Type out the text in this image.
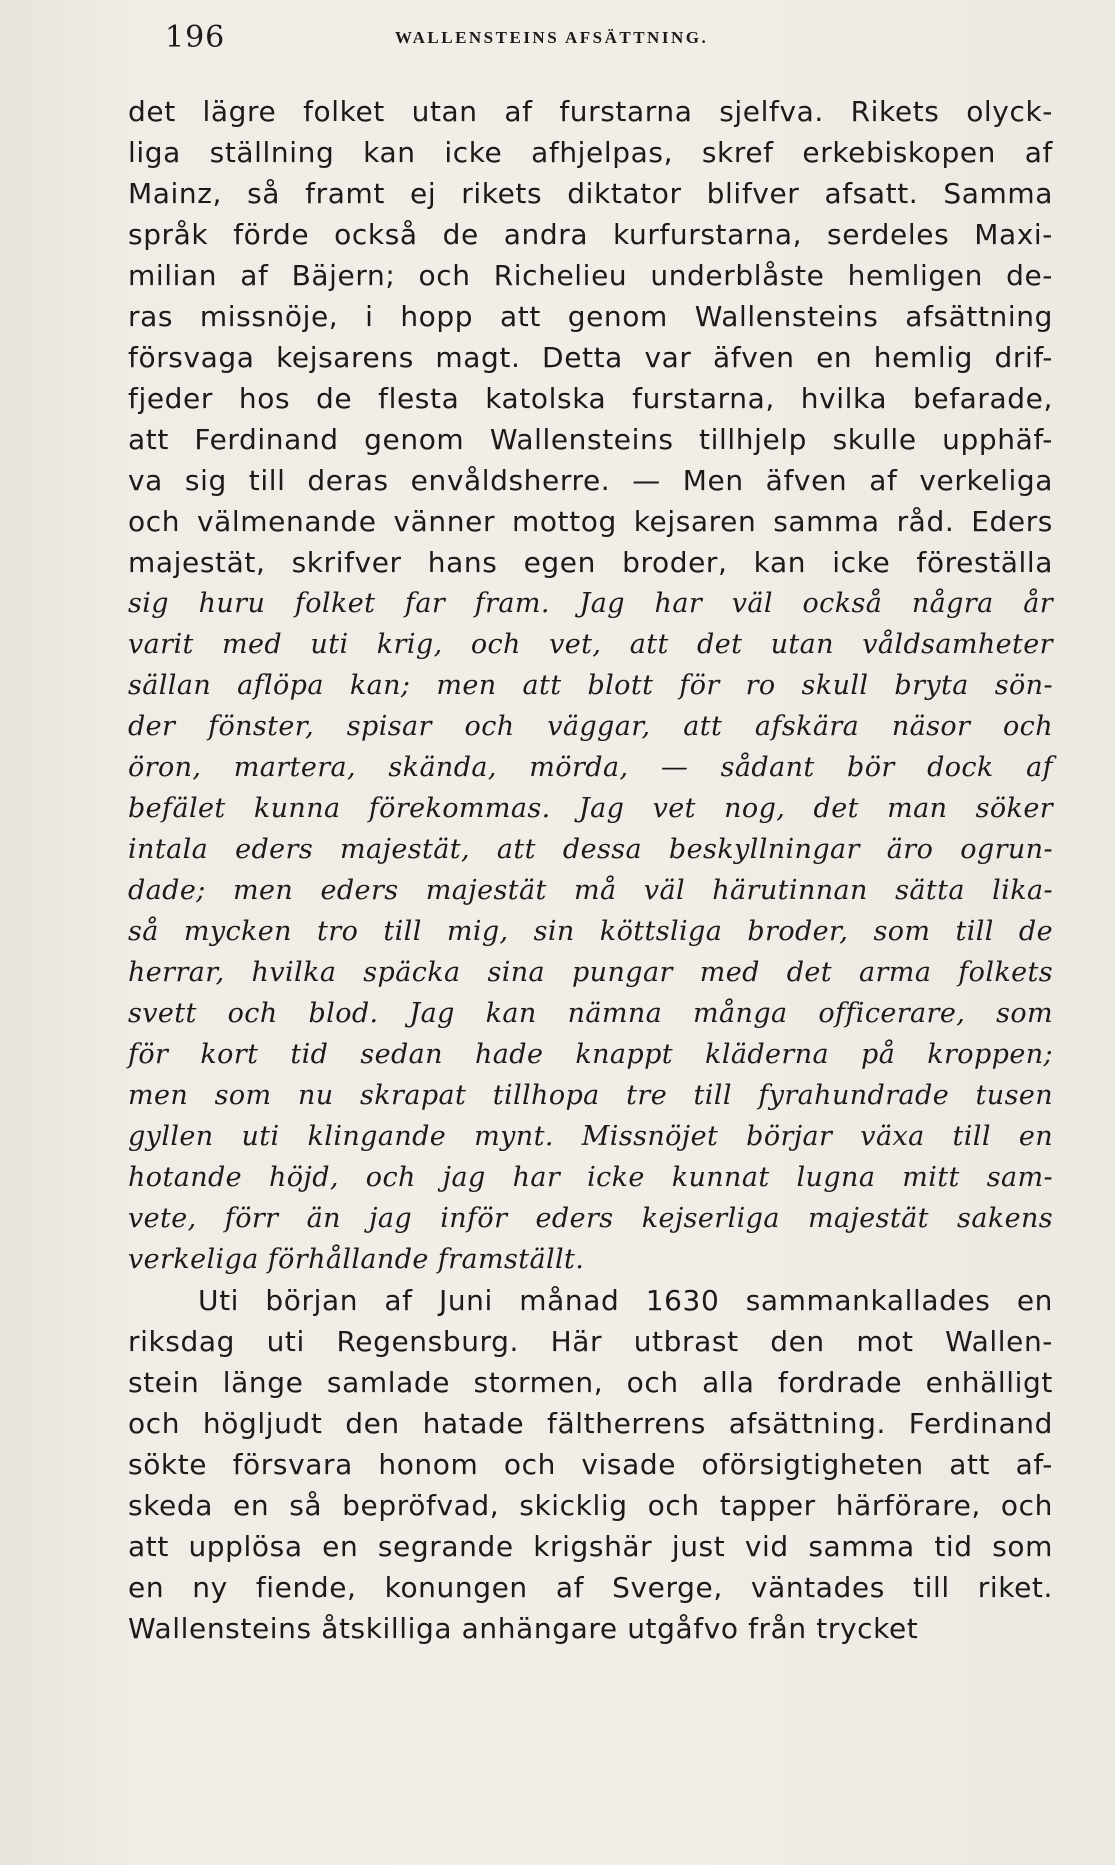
196	WALLENSTEINS AFSÄTTNING.
det lägre folket utan af furstarna sjelfva. Rikets olyck-
liga ställning kan icke afhjelpas, skref erkebiskopen af
Mainz, så framt ej rikets diktator blifver afsatt. Samma
språk förde också de andra kurfurstarna, serdeles Maxi-
milian af Bäjern; och Richelieu underblåste hemligen de-
ras missnöje, i hopp att genom Wallensteins afsättning
försvaga kejsarens magt. Detta var äfven en hemlig drif-
fjeder hos de flesta katolska furstarna, hvilka befarade,
att Ferdinand genom Wallensteins tillhjelp skulle upphäf-
va sig till deras envåldsherre. — Men äfven af verkeliga
och välmenande vänner mottog kejsaren samma råd. Eders
majestät, skrifver hans egen broder, kan icke föreställa
sig huru folket far fram. Jag har väl också några år
varit med uti krig, och vet, att det utan våldsamheter
sällan aflöpa kan; men att blott för ro skull bryta sön-
der fönster, spisar och väggar, att afskära näsor och
öron, martera, skända, mörda, — sådant bör dock af
befälet kunna förekommas. Jag vet nog, det man söker
intala eders majestät, att dessa beskyllningar äro ogrun-
dade; men eders majestät må väl härutinnan sätta lika-
så mycken tro till mig, sin köttsliga broder, som till de
herrar, hvilka späcka sina pungar med det arma folkets
svett och blod. Jag kan nämna många officerare, som
för kort tid sedan hade knappt kläderna på kroppen;
men som nu skrapat tillhopa tre till fyrahundrade tusen
gyllen uti klingande mynt. Missnöjet börjar växa till en
hotande höjd, och jag har icke kunnat lugna mitt sam-
vete, förr än jag inför eders kejserliga majestät sakens
verkeliga förhållande framställt.
Uti början af Juni månad 1630 sammankallades en
riksdag uti Regensburg. Här utbrast den mot Wallen-
stein länge samlade stormen, och alla fordrade enhälligt
och högljudt den hatade fältherrens afsättning. Ferdinand
sökte försvara honom och visade oförsigtigheten att af-
skeda en så bepröfvad, skicklig och tapper härförare, och
att upplösa en segrande krigshär just vid samma tid som
en ny fiende, konungen af Sverge, väntades till riket.
Wallensteins åtskilliga anhängare utgåfvo från trycket
